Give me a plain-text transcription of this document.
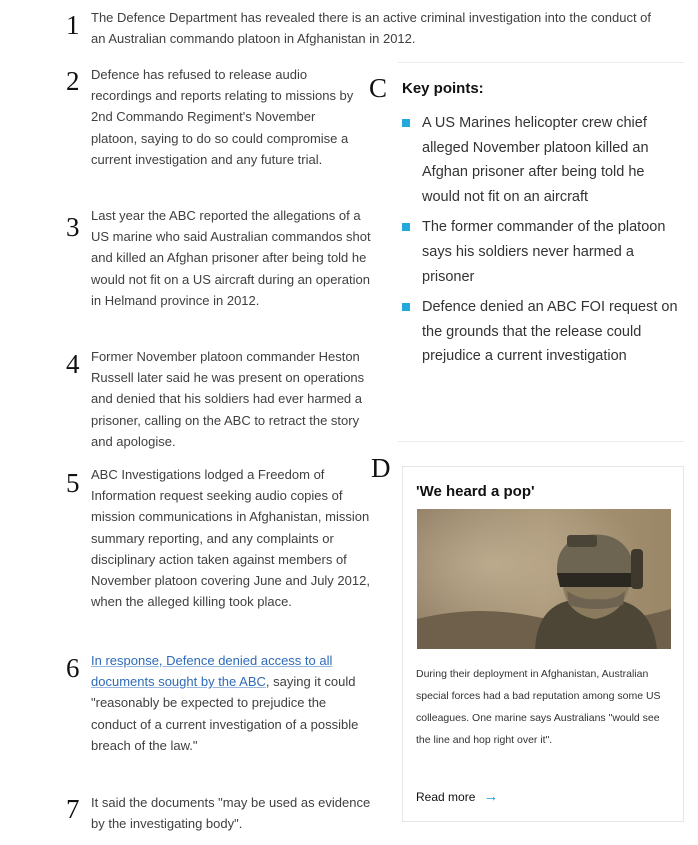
1 The Defence Department has revealed there is an active criminal investigation into the conduct of an Australian commando platoon in Afghanistan in 2012.
2 Defence has refused to release audio recordings and reports relating to missions by 2nd Commando Regiment's November platoon, saying to do so could compromise a current investigation and any future trial.
3 Last year the ABC reported the allegations of a US marine who said Australian commandos shot and killed an Afghan prisoner after being told he would not fit on a US aircraft during an operation in Helmand province in 2012.
4 Former November platoon commander Heston Russell later said he was present on operations and denied that his soldiers had ever harmed a prisoner, calling on the ABC to retract the story and apologise.
5 ABC Investigations lodged a Freedom of Information request seeking audio copies of mission communications in Afghanistan, mission summary reporting, and any complaints or disciplinary action taken against members of November platoon covering June and July 2012, when the alleged killing took place.
6 In response, Defence denied access to all documents sought by the ABC, saying it could "reasonably be expected to prejudice the conduct of a current investigation of a possible breach of the law."
7 It said the documents "may be used as evidence by the investigating body".
C
D
Key points:
A US Marines helicopter crew chief alleged November platoon killed an Afghan prisoner after being told he would not fit on an aircraft
The former commander of the platoon says his soldiers never harmed a prisoner
Defence denied an ABC FOI request on the grounds that the release could prejudice a current investigation
'We heard a pop'
During their deployment in Afghanistan, Australian special forces had a bad reputation among some US colleagues. One marine says Australians "would see the line and hop right over it".
Read more →
